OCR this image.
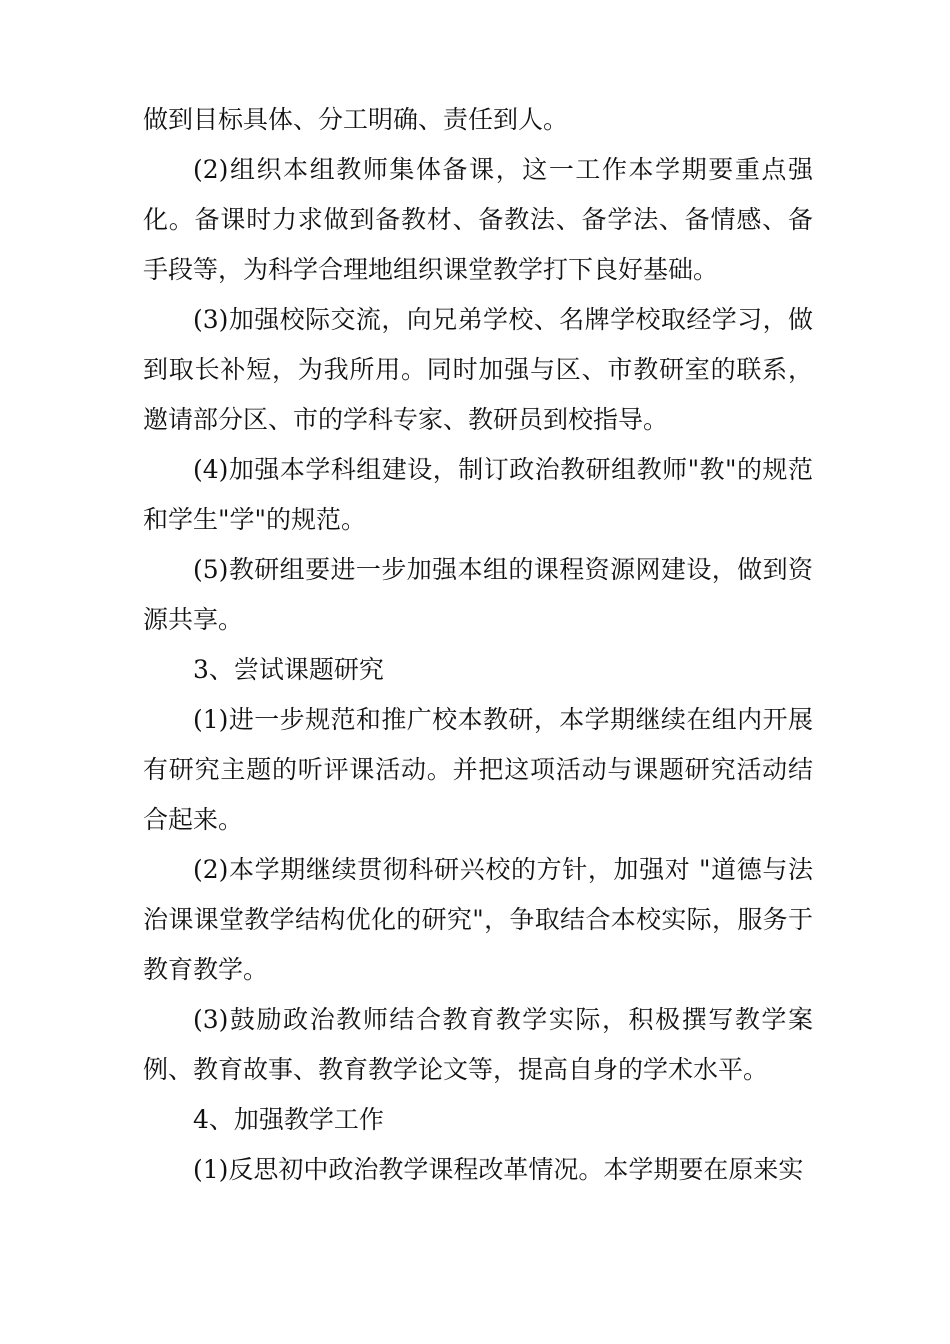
做到目标具体、分工明确、责任到人。

(2)组织本组教师集体备课，这一工作本学期要重点强化。备课时力求做到备教材、备教法、备学法、备情感、备手段等，为科学合理地组织课堂教学打下良好基础。

(3)加强校际交流，向兄弟学校、名牌学校取经学习，做到取长补短，为我所用。同时加强与区、市教研室的联系，邀请部分区、市的学科专家、教研员到校指导。

(4)加强本学科组建设，制订政治教研组教师"教"的规范和学生"学"的规范。

(5)教研组要进一步加强本组的课程资源网建设，做到资源共享。

3、尝试课题研究

(1)进一步规范和推广校本教研，本学期继续在组内开展有研究主题的听评课活动。并把这项活动与课题研究活动结合起来。

(2)本学期继续贯彻科研兴校的方针，加强对 "道德与法治课课堂教学结构优化的研究"，争取结合本校实际，服务于教育教学。

(3)鼓励政治教师结合教育教学实际，积极撰写教学案例、教育故事、教育教学论文等，提高自身的学术水平。

4、加强教学工作

(1)反思初中政治教学课程改革情况。本学期要在原来实
